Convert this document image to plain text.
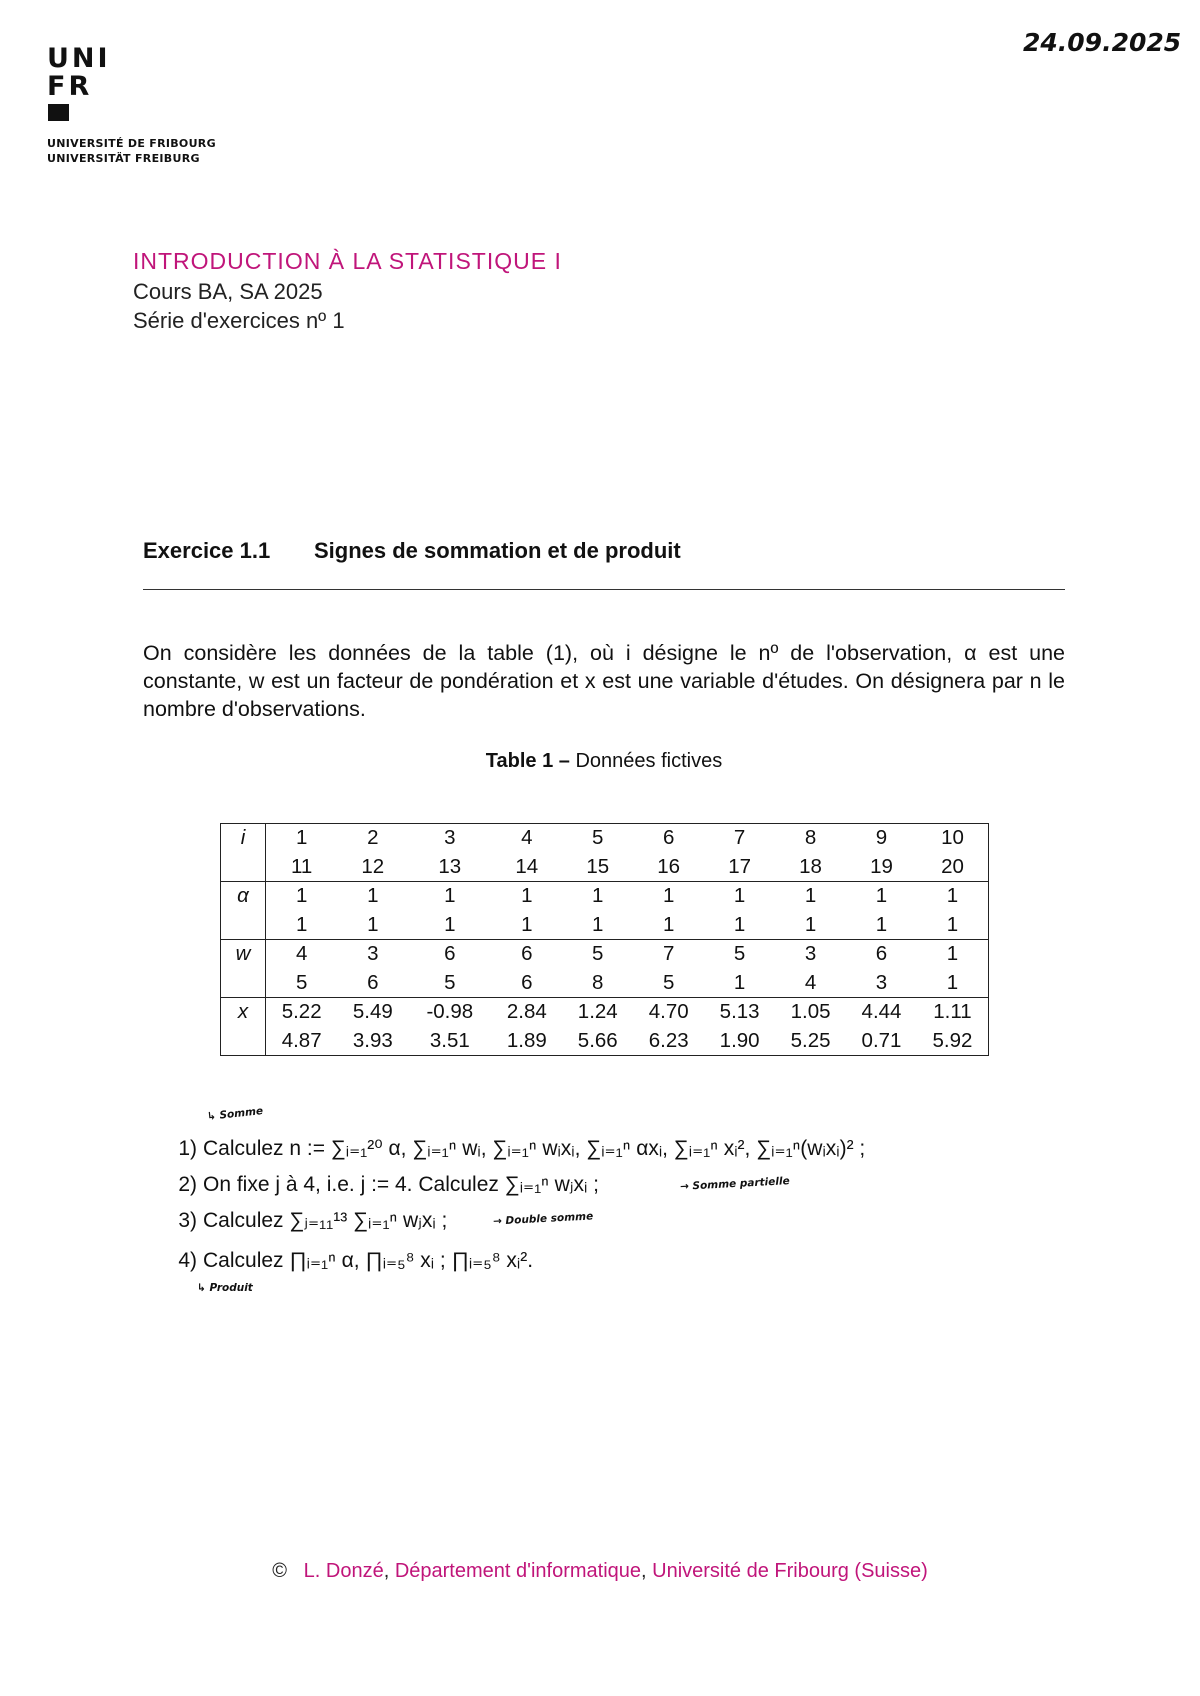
UNI
FR
UNIVERSITÉ DE FRIBOURG
UNIVERSITÄT FREIBURG
24.09.2025
INTRODUCTION À LA STATISTIQUE I
Cours BA, SA 2025
Série d'exercices nº 1
Exercice 1.1 Signes de sommation et de produit
On considère les données de la table (1), où i désigne le nº de l'observation, α est une constante, w est un facteur de pondération et x est une variable d'études. On désignera par n le nombre d'observations.
Table 1 – Données fictives
i	1	2	3	4	5	6	7	8	9	10
	11	12	13	14	15	16	17	18	19	20
α	1	1	1	1	1	1	1	1	1	1
	1	1	1	1	1	1	1	1	1	1
w	4	3	6	6	5	7	5	3	6	1
	5	6	5	6	8	5	1	4	3	1
x	5.22	5.49	-0.98	2.84	1.24	4.70	5.13	1.05	4.44	1.11
	4.87	3.93	3.51	1.89	5.66	6.23	1.90	5.25	0.71	5.92
1) Calculez n := ∑ᵢ₌₁²⁰ α, ∑ᵢ₌₁ⁿ wᵢ, ∑ᵢ₌₁ⁿ wᵢxᵢ, ∑ᵢ₌₁ⁿ αxᵢ, ∑ᵢ₌₁ⁿ xᵢ², ∑ᵢ₌₁ⁿ(wᵢxᵢ)² ;
2) On fixe j à 4, i.e. j := 4. Calculez ∑ᵢ₌₁ⁿ wⱼxᵢ ;
3) Calculez ∑ⱼ₌₁₁¹³ ∑ᵢ₌₁ⁿ wⱼxᵢ ;
4) Calculez ∏ᵢ₌₁ⁿ α, ∏ᵢ₌₅⁸ xᵢ ; ∏ᵢ₌₅⁸ xᵢ².
↳ Somme
→ Somme partielle
→ Double somme
↳ Produit
© L. Donzé, Département d'informatique, Université de Fribourg (Suisse)
